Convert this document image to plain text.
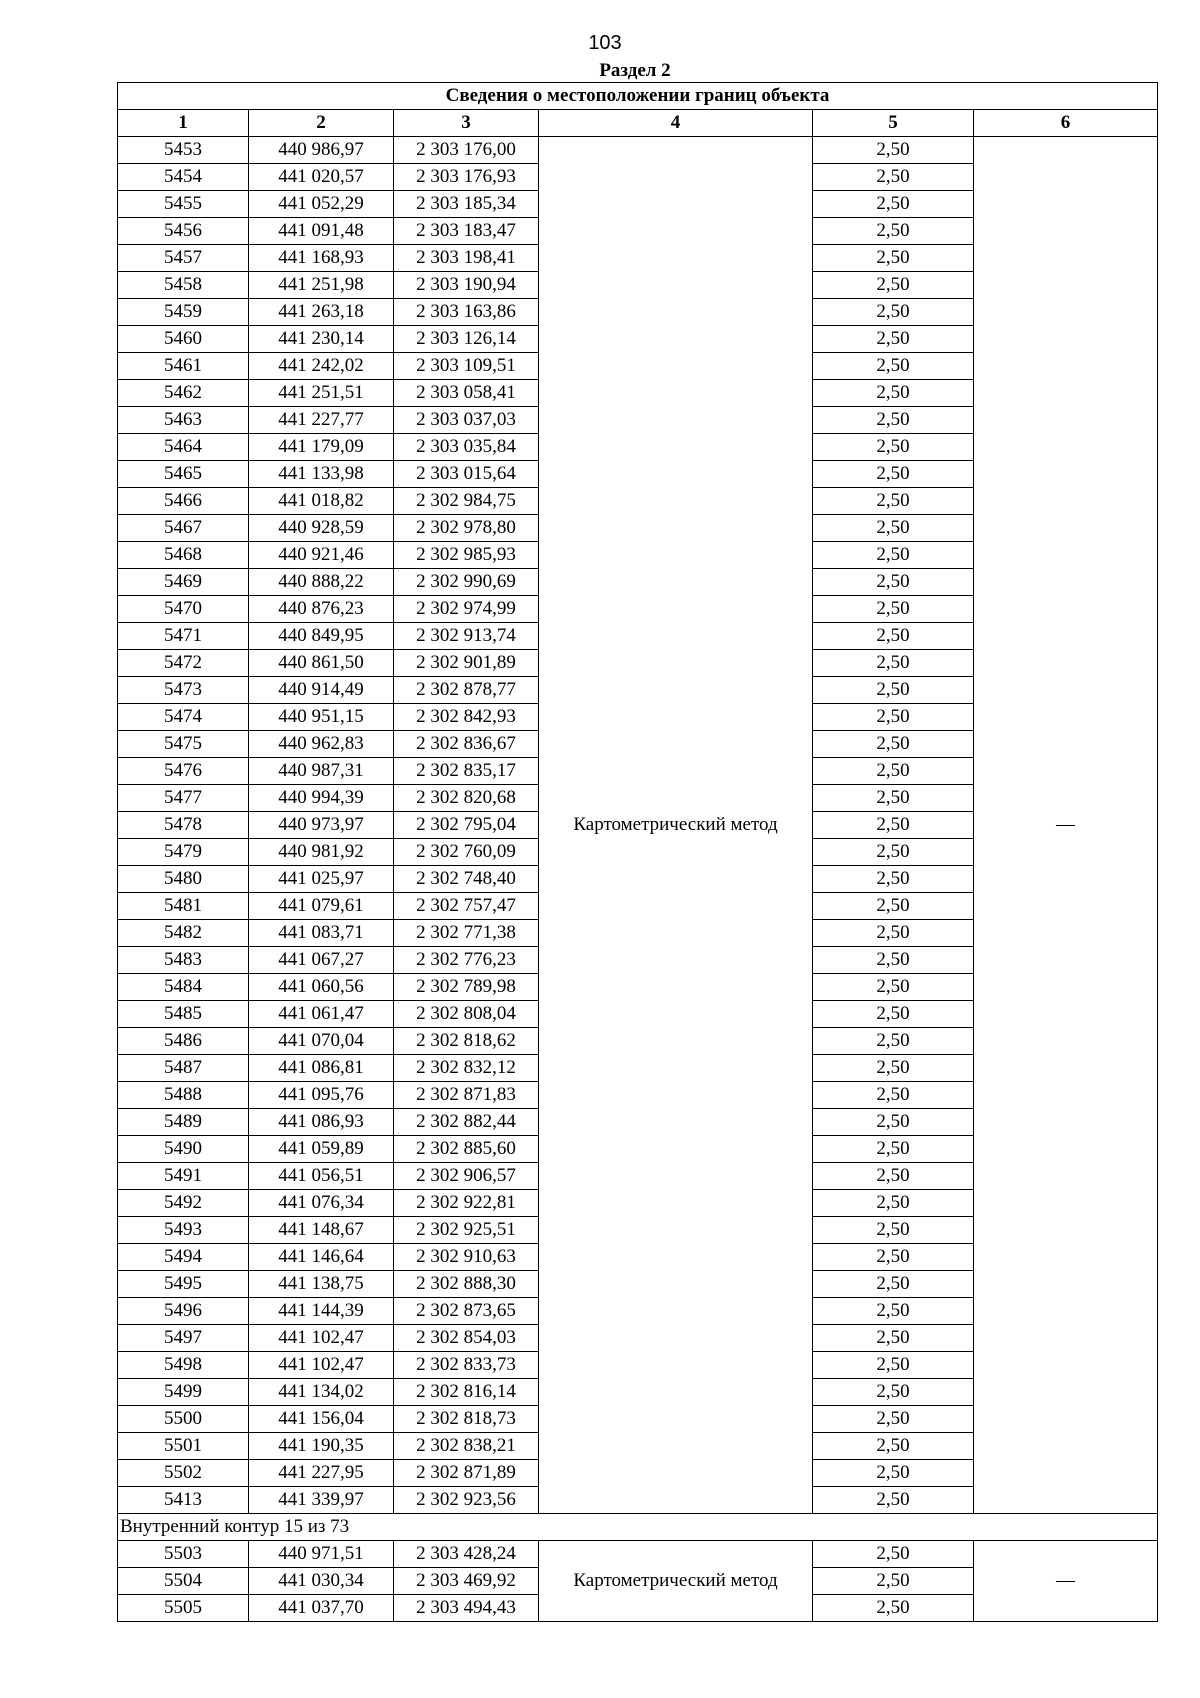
103
Раздел 2
Сведения о местоположении границ объекта					
1	2	3	4	5	6
5453	440 986,97	2 303 176,00	Картометрический метод	2,50	—
5454	441 020,57	2 303 176,93		2,50	
5455	441 052,29	2 303 185,34		2,50	
5456	441 091,48	2 303 183,47		2,50	
5457	441 168,93	2 303 198,41		2,50	
5458	441 251,98	2 303 190,94		2,50	
5459	441 263,18	2 303 163,86		2,50	
5460	441 230,14	2 303 126,14		2,50	
5461	441 242,02	2 303 109,51		2,50	
5462	441 251,51	2 303 058,41		2,50	
5463	441 227,77	2 303 037,03		2,50	
5464	441 179,09	2 303 035,84		2,50	
5465	441 133,98	2 303 015,64		2,50	
5466	441 018,82	2 302 984,75		2,50	
5467	440 928,59	2 302 978,80		2,50	
5468	440 921,46	2 302 985,93		2,50	
5469	440 888,22	2 302 990,69		2,50	
5470	440 876,23	2 302 974,99		2,50	
5471	440 849,95	2 302 913,74		2,50	
5472	440 861,50	2 302 901,89		2,50	
5473	440 914,49	2 302 878,77		2,50	
5474	440 951,15	2 302 842,93		2,50	
5475	440 962,83	2 302 836,67		2,50	
5476	440 987,31	2 302 835,17		2,50	
5477	440 994,39	2 302 820,68		2,50	
5478	440 973,97	2 302 795,04		2,50	
5479	440 981,92	2 302 760,09		2,50	
5480	441 025,97	2 302 748,40		2,50	
5481	441 079,61	2 302 757,47		2,50	
5482	441 083,71	2 302 771,38		2,50	
5483	441 067,27	2 302 776,23		2,50	
5484	441 060,56	2 302 789,98		2,50	
5485	441 061,47	2 302 808,04		2,50	
5486	441 070,04	2 302 818,62		2,50	
5487	441 086,81	2 302 832,12		2,50	
5488	441 095,76	2 302 871,83		2,50	
5489	441 086,93	2 302 882,44		2,50	
5490	441 059,89	2 302 885,60		2,50	
5491	441 056,51	2 302 906,57		2,50	
5492	441 076,34	2 302 922,81		2,50	
5493	441 148,67	2 302 925,51		2,50	
5494	441 146,64	2 302 910,63		2,50	
5495	441 138,75	2 302 888,30		2,50	
5496	441 144,39	2 302 873,65		2,50	
5497	441 102,47	2 302 854,03		2,50	
5498	441 102,47	2 302 833,73		2,50	
5499	441 134,02	2 302 816,14		2,50	
5500	441 156,04	2 302 818,73		2,50	
5501	441 190,35	2 302 838,21		2,50	
5502	441 227,95	2 302 871,89		2,50	
5413	441 339,97	2 302 923,56		2,50	
Внутренний контур 15 из 73					
5503	440 971,51	2 303 428,24	Картометрический метод	2,50	—
5504	441 030,34	2 303 469,92		2,50	
5505	441 037,70	2 303 494,43		2,50	
